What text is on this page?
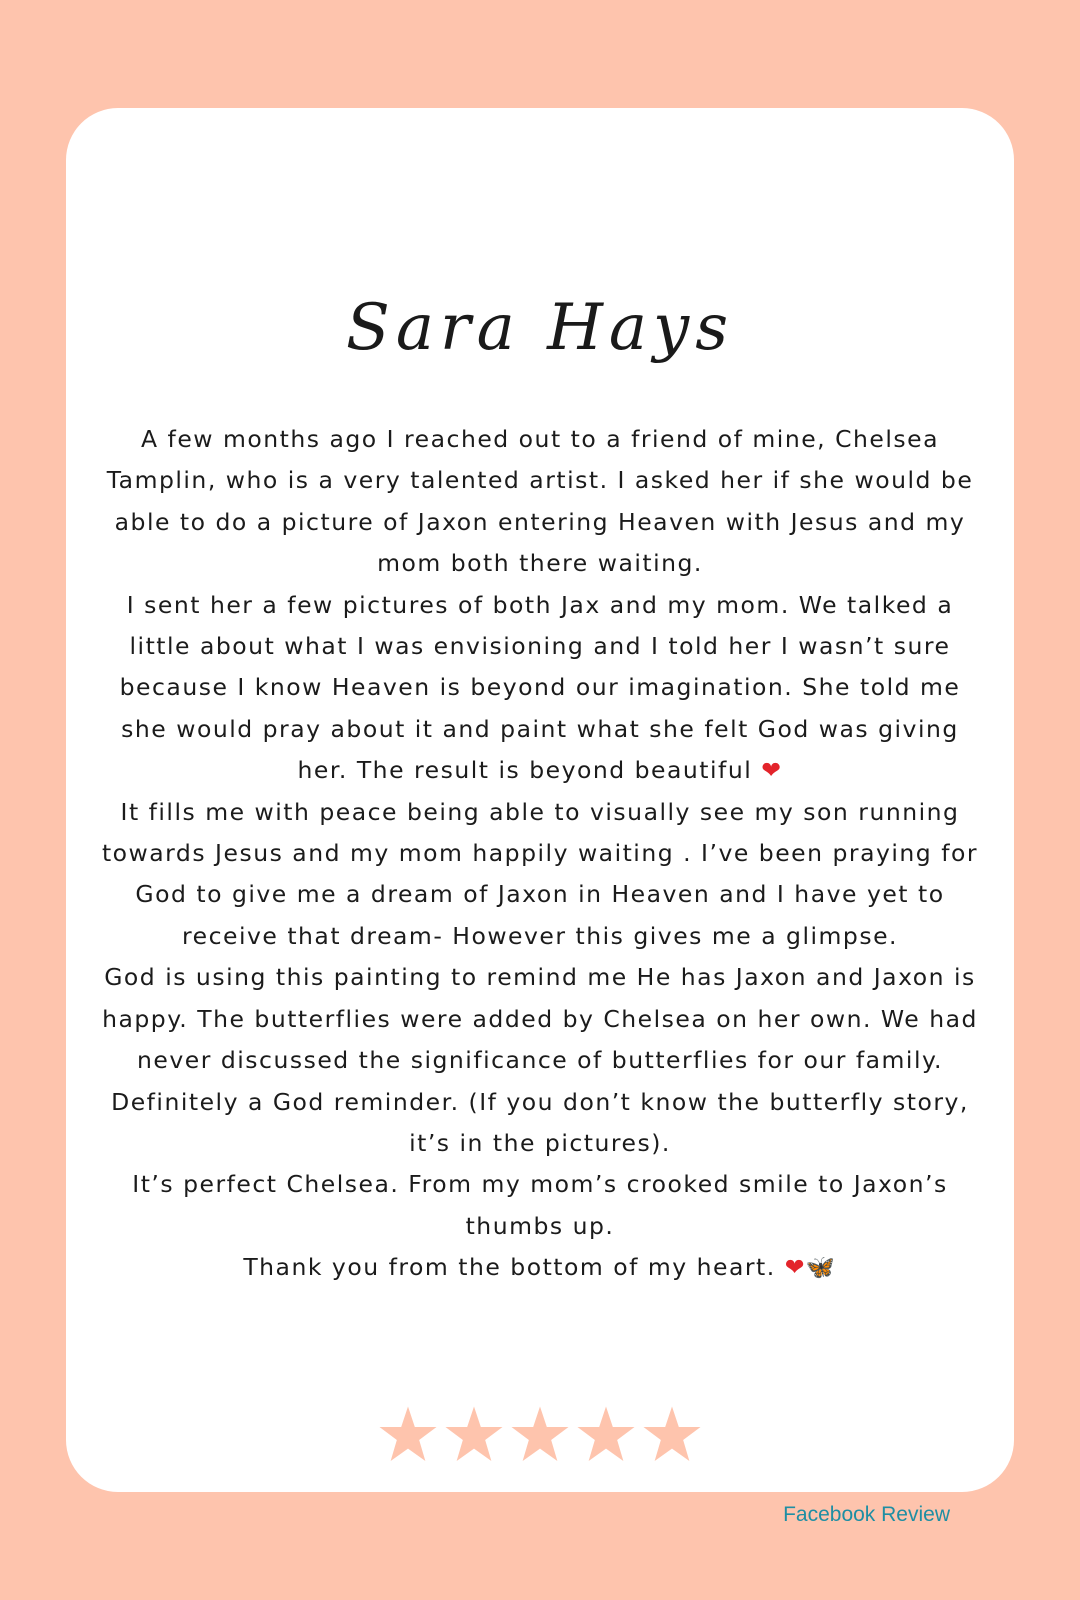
Sara Hays

A few months ago I reached out to a friend of mine, Chelsea Tamplin, who is a very talented artist. I asked her if she would be able to do a picture of Jaxon entering Heaven with Jesus and my mom both there waiting.

I sent her a few pictures of both Jax and my mom. We talked a little about what I was envisioning and I told her I wasn’t sure because I know Heaven is beyond our imagination. She told me she would pray about it and paint what she felt God was giving her. The result is beyond beautiful ❤

It fills me with peace being able to visually see my son running towards Jesus and my mom happily waiting . I’ve been praying for God to give me a dream of Jaxon in Heaven and I have yet to receive that dream- However this gives me a glimpse.

God is using this painting to remind me He has Jaxon and Jaxon is happy. The butterflies were added by Chelsea on her own. We had never discussed the significance of butterflies for our family. Definitely a God reminder. (If you don’t know the butterfly story, it’s in the pictures).

It’s perfect Chelsea. From my mom’s crooked smile to Jaxon’s thumbs up.

Thank you from the bottom of my heart. ❤🦋

Facebook Review
